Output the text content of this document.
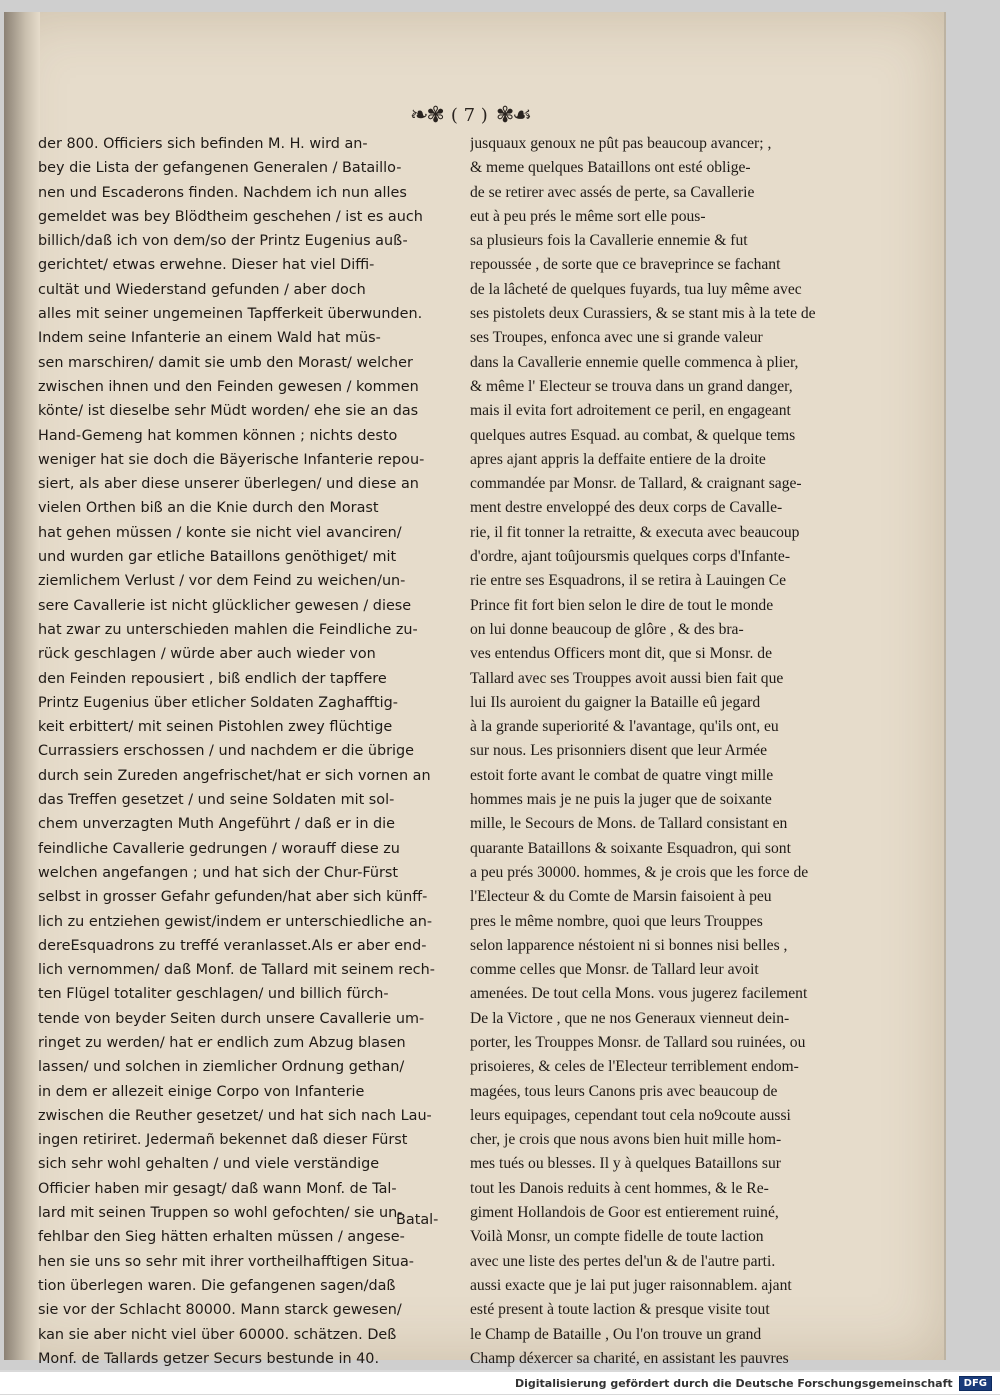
❧✾ ( 7 ) ✾☙
der 800. Officiers sich befinden M. H. wird an-
bey die Lista der gefangenen Generalen / Bataillo-
nen und Escaderons finden. Nachdem ich nun alles
gemeldet was bey Blödtheim geschehen / ist es auch
billich/daß ich von dem/so der Printz Eugenius auß-
gerichtet/ etwas erwehne. Dieser hat viel Diffi-
cultät und Wiederstand gefunden / aber doch
alles mit seiner ungemeinen Tapfferkeit überwunden.
Indem seine Infanterie an einem Wald hat müs-
sen marschiren/ damit sie umb den Morast/ welcher
zwischen ihnen und den Feinden gewesen / kommen
könte/ ist dieselbe sehr Müdt worden/ ehe sie an das
Hand-Gemeng hat kommen können ; nichts desto
weniger hat sie doch die Bäyerische Infanterie repou-
siert, als aber diese unserer überlegen/ und diese an
vielen Orthen biß an die Knie durch den Morast
hat gehen müssen / konte sie nicht viel avanciren/
und wurden gar etliche Bataillons genöthiget/ mit
ziemlichem Verlust / vor dem Feind zu weichen/un-
sere Cavallerie ist nicht glücklicher gewesen / diese
hat zwar zu unterschieden mahlen die Feindliche zu-
rück geschlagen / würde aber auch wieder von
den Feinden repousiert , biß endlich der tapffere
Printz Eugenius über etlicher Soldaten Zaghafftig-
keit erbittert/ mit seinen Pistohlen zwey flüchtige
Currassiers erschossen / und nachdem er die übrige
durch sein Zureden angefrischet/hat er sich vornen an
das Treffen gesetzet / und seine Soldaten mit sol-
chem unverzagten Muth Angeführt / daß er in die
feindliche Cavallerie gedrungen / worauff diese zu
welchen angefangen ; und hat sich der Chur-Fürst
selbst in grosser Gefahr gefunden/hat aber sich künff-
lich zu entziehen gewist/indem er unterschiedliche an-
dereEsquadrons zu treffé veranlasset.Als er aber end-
lich vernommen/ daß Monf. de Tallard mit seinem rech-
ten Flügel totaliter geschlagen/ und billich fürch-
tende von beyder Seiten durch unsere Cavallerie um-
ringet zu werden/ hat er endlich zum Abzug blasen
lassen/ und solchen in ziemlicher Ordnung gethan/
in dem er allezeit einige Corpo von Infanterie
zwischen die Reuther gesetzet/ und hat sich nach Lau-
ingen retiriret. Jedermañ bekennet daß dieser Fürst
sich sehr wohl gehalten / und viele verständige
Officier haben mir gesagt/ daß wann Monf. de Tal-
lard mit seinen Truppen so wohl gefochten/ sie un-
fehlbar den Sieg hätten erhalten müssen / angese-
hen sie uns so sehr mit ihrer vortheilhafftigen Situa-
tion überlegen waren. Die gefangenen sagen/daß
sie vor der Schlacht 80000. Mann starck gewesen/
kan sie aber nicht viel über 60000. schätzen. Deß
Monf. de Tallards getzer Securs bestunde in 40.
Batal-
jusquaux genoux ne pût pas beaucoup avancer; ,
& meme quelques Bataillons ont esté oblige-
de se retirer avec assés de perte, sa Cavallerie
eut à peu prés le même sort elle pous-
sa plusieurs fois la Cavallerie ennemie & fut
repoussée , de sorte que ce braveprince se fachant
de la lâcheté de quelques fuyards, tua luy même avec
ses pistolets deux Curassiers, & se stant mis à la tete de
ses Troupes, enfonca avec une si grande valeur
dans la Cavallerie ennemie quelle commenca à plier,
& même l' Electeur se trouva dans un grand danger,
mais il evita fort adroitement ce peril, en engageant
quelques autres Esquad. au combat, & quelque tems
apres ajant appris la deffaite entiere de la droite
commandée par Monsr. de Tallard, & craignant sage-
ment destre enveloppé des deux corps de Cavalle-
rie, il fit tonner la retraitte, & executa avec beaucoup
d'ordre, ajant toûjoursmis quelques corps d'Infante-
rie entre ses Esquadrons, il se retira à Lauingen Ce
Prince fit fort bien selon le dire de tout le monde
on lui donne beaucoup de glôre , & des bra-
ves entendus Officers mont dit, que si Monsr. de
Tallard avec ses Trouppes avoit aussi bien fait que
lui Ils auroient du gaigner la Bataille eû jegard
à la grande superiorité & l'avantage, qu'ils ont, eu
sur nous. Les prisonniers disent que leur Armée
estoit forte avant le combat de quatre vingt mille
hommes mais je ne puis la juger que de soixante
mille, le Secours de Mons. de Tallard consistant en
quarante Bataillons & soixante Esquadron, qui sont
a peu prés 30000. hommes, & je crois que les force de
l'Electeur & du Comte de Marsin faisoient à peu
pres le même nombre, quoi que leurs Trouppes
selon lapparence néstoient ni si bonnes nisi belles ,
comme celles que Monsr. de Tallard leur avoit
amenées. De tout cella Mons. vous jugerez facilement
De la Victore , que ne nos Generaux vienneut dein-
porter, les Trouppes Monsr. de Tallard sou ruinées, ou
prisoieres, & celes de l'Electeur terriblement endom-
magées, tous leurs Canons pris avec beaucoup de
leurs equipages, cependant tout cela no9coute aussi
cher, je crois que nous avons bien huit mille hom-
mes tués ou blesses. Il y à quelques Bataillons sur
tout les Danois reduits à cent hommes, & le Re-
giment Hollandois de Goor est entierement ruiné,
Voilà Monsr, un compte fidelle de toute laction
avec une liste des pertes del'un & de l'autre parti.
aussi exacte que je lai put juger raisonnablem. ajant
esté present à toute laction & presque visite tout
le Champ de Bataille , Ou l'on trouve un grand
Champ déxercer sa charité, en assistant les pauvres
Digitalisierung gefördert durch die Deutsche Forschungsgemeinschaft	DFG
